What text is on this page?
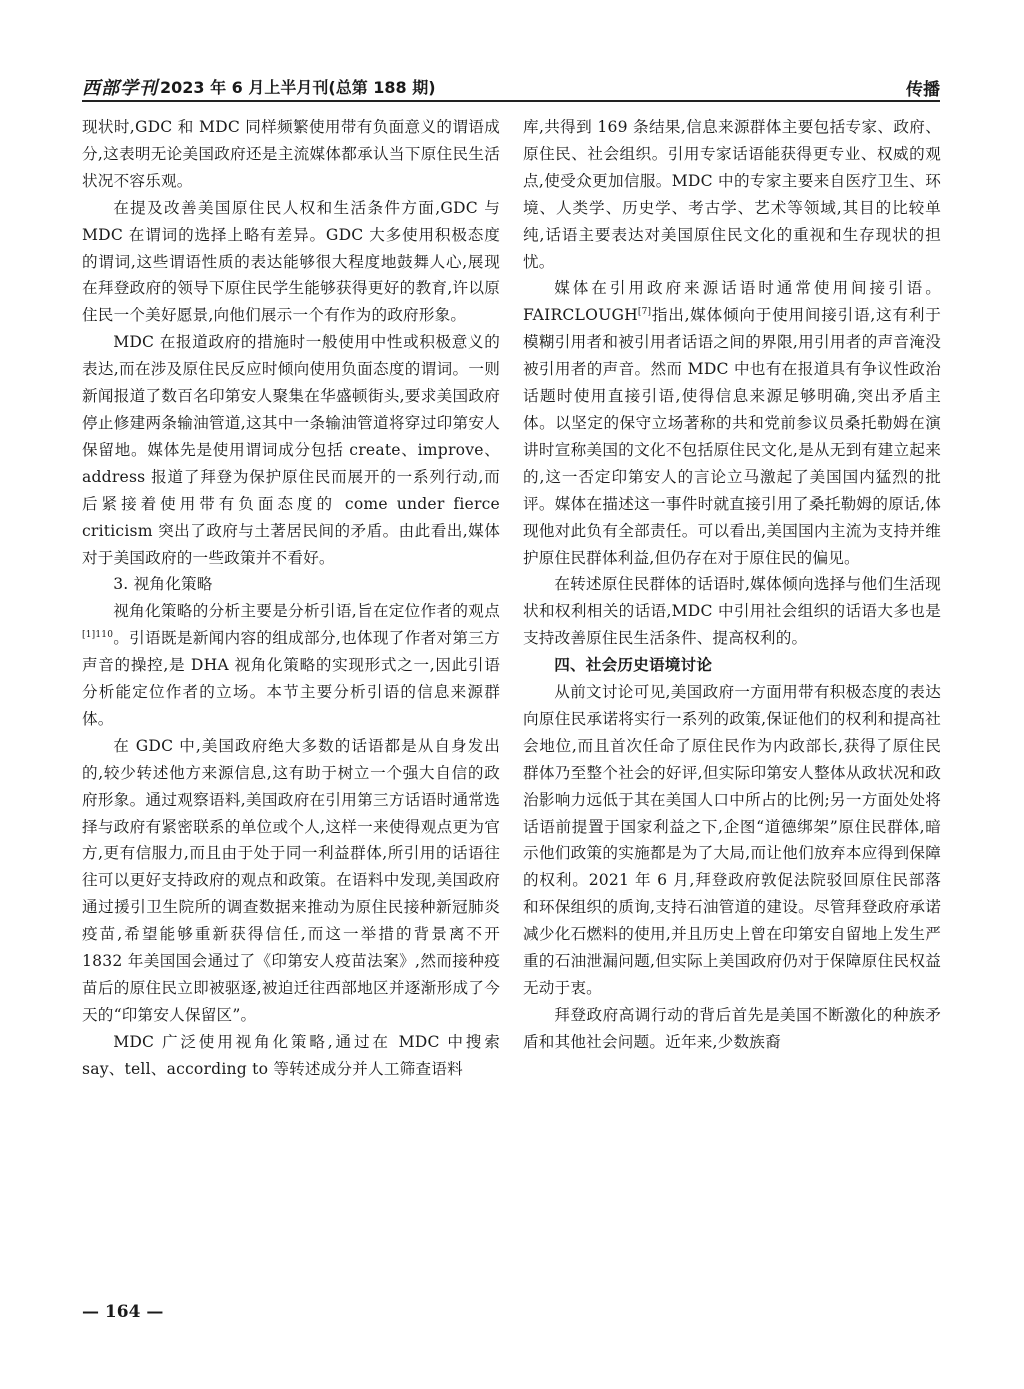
西部学刊 2023 年 6 月上半月刊(总第 188 期)	传播

现状时,GDC 和 MDC 同样频繁使用带有负面意义的谓语成分,这表明无论美国政府还是主流媒体都承认当下原住民生活状况不容乐观。

在提及改善美国原住民人权和生活条件方面,GDC 与 MDC 在谓词的选择上略有差异。GDC 大多使用积极态度的谓词,这些谓语性质的表达能够很大程度地鼓舞人心,展现在拜登政府的领导下原住民学生能够获得更好的教育,许以原住民一个美好愿景,向他们展示一个有作为的政府形象。

MDC 在报道政府的措施时一般使用中性或积极意义的表达,而在涉及原住民反应时倾向使用负面态度的谓词。一则新闻报道了数百名印第安人聚集在华盛顿街头,要求美国政府停止修建两条输油管道,这其中一条输油管道将穿过印第安人保留地。媒体先是使用谓词成分包括 create、improve、address 报道了拜登为保护原住民而展开的一系列行动,而后紧接着使用带有负面态度的 come under fierce criticism 突出了政府与土著居民间的矛盾。由此看出,媒体对于美国政府的一些政策并不看好。

3. 视角化策略

视角化策略的分析主要是分析引语,旨在定位作者的观点$^{[1]110}$。引语既是新闻内容的组成部分,也体现了作者对第三方声音的操控,是 DHA 视角化策略的实现形式之一,因此引语分析能定位作者的立场。本节主要分析引语的信息来源群体。

在 GDC 中,美国政府绝大多数的话语都是从自身发出的,较少转述他方来源信息,这有助于树立一个强大自信的政府形象。通过观察语料,美国政府在引用第三方话语时通常选择与政府有紧密联系的单位或个人,这样一来使得观点更为官方,更有信服力,而且由于处于同一利益群体,所引用的话语往往可以更好支持政府的观点和政策。在语料中发现,美国政府通过援引卫生院所的调查数据来推动为原住民接种新冠肺炎疫苗,希望能够重新获得信任,而这一举措的背景离不开 1832 年美国国会通过了《印第安人疫苗法案》,然而接种疫苗后的原住民立即被驱逐,被迫迁往西部地区并逐渐形成了今天的“印第安人保留区”。

MDC 广泛使用视角化策略,通过在 MDC 中搜索 say、tell、according to 等转述成分并人工筛查语料

库,共得到 169 条结果,信息来源群体主要包括专家、政府、原住民、社会组织。引用专家话语能获得更专业、权威的观点,使受众更加信服。MDC 中的专家主要来自医疗卫生、环境、人类学、历史学、考古学、艺术等领域,其目的比较单纯,话语主要表达对美国原住民文化的重视和生存现状的担忧。

媒体在引用政府来源话语时通常使用间接引语。FAIRCLOUGH[7]指出,媒体倾向于使用间接引语,这有利于模糊引用者和被引用者话语之间的界限,用引用者的声音淹没被引用者的声音。然而 MDC 中也有在报道具有争议性政治话题时使用直接引语,使得信息来源足够明确,突出矛盾主体。以坚定的保守立场著称的共和党前参议员桑托勒姆在演讲时宣称美国的文化不包括原住民文化,是从无到有建立起来的,这一否定印第安人的言论立马激起了美国国内猛烈的批评。媒体在描述这一事件时就直接引用了桑托勒姆的原话,体现他对此负有全部责任。可以看出,美国国内主流为支持并维护原住民群体利益,但仍存在对于原住民的偏见。

在转述原住民群体的话语时,媒体倾向选择与他们生活现状和权利相关的话语,MDC 中引用社会组织的话语大多也是支持改善原住民生活条件、提高权利的。

四、社会历史语境讨论

从前文讨论可见,美国政府一方面用带有积极态度的表达向原住民承诺将实行一系列的政策,保证他们的权利和提高社会地位,而且首次任命了原住民作为内政部长,获得了原住民群体乃至整个社会的好评,但实际印第安人整体从政状况和政治影响力远低于其在美国人口中所占的比例;另一方面处处将话语前提置于国家利益之下,企图“道德绑架”原住民群体,暗示他们政策的实施都是为了大局,而让他们放弃本应得到保障的权利。2021 年 6 月,拜登政府敦促法院驳回原住民部落和环保组织的质询,支持石油管道的建设。尽管拜登政府承诺减少化石燃料的使用,并且历史上曾在印第安自留地上发生严重的石油泄漏问题,但实际上美国政府仍对于保障原住民权益无动于衷。

拜登政府高调行动的背后首先是美国不断激化的种族矛盾和其他社会问题。近年来,少数族裔

— 164 —
